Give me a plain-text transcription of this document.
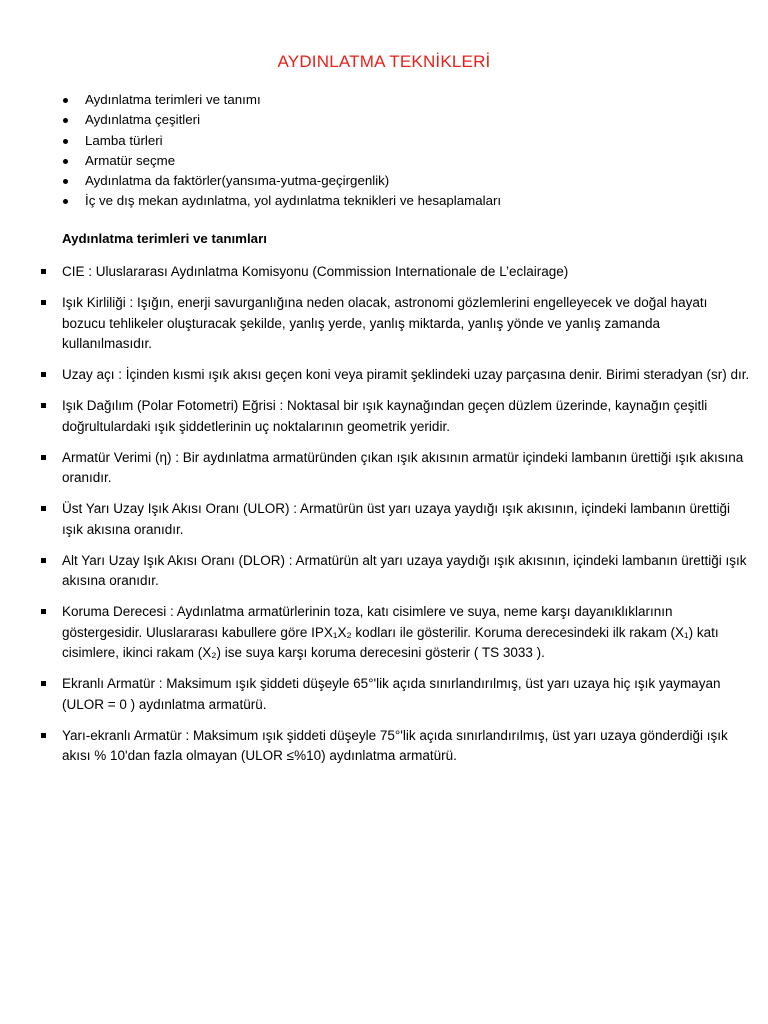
AYDINLATMA TEKNİKLERİ
Aydınlatma terimleri ve tanımı
Aydınlatma çeşitleri
Lamba türleri
Armatür seçme
Aydınlatma da faktörler(yansıma-yutma-geçirgenlik)
İç ve dış mekan aydınlatma, yol aydınlatma teknikleri ve hesaplamaları
Aydınlatma terimleri ve tanımları
CIE : Uluslararası Aydınlatma Komisyonu (Commission Internationale de L’eclairage)
Işık Kirliliği : Işığın, enerji savurganlığına neden olacak, astronomi gözlemlerini engelleyecek ve doğal hayatı bozucu tehlikeler oluşturacak şekilde, yanlış yerde, yanlış miktarda, yanlış yönde ve yanlış zamanda kullanılmasıdır.
Uzay açı : İçinden kısmi ışık akısı geçen koni veya piramit şeklindeki uzay parçasına denir. Birimi steradyan (sr) dır.
Işık Dağılım (Polar Fotometri) Eğrisi : Noktasal bir ışık kaynağından geçen düzlem üzerinde, kaynağın çeşitli doğrultulardaki ışık şiddetlerinin uç noktalarının geometrik yeridir.
Armatür Verimi (η) : Bir aydınlatma armatüründen çıkan ışık akısının armatür içindeki lambanın ürettiği ışık akısına oranıdır.
Üst Yarı Uzay Işık Akısı Oranı (ULOR) : Armatürün üst yarı uzaya yaydığı ışık akısının, içindeki lambanın ürettiği ışık akısına oranıdır.
Alt Yarı Uzay Işık Akısı Oranı (DLOR) : Armatürün alt yarı uzaya yaydığı ışık akısının, içindeki lambanın ürettiği ışık akısına oranıdır.
Koruma Derecesi : Aydınlatma armatürlerinin toza, katı cisimlere ve suya, neme karşı dayanıklıklarının göstergesidir. Uluslararası kabullere göre IPX₁X₂ kodları ile gösterilir. Koruma derecesindeki ilk rakam (X₁) katı cisimlere, ikinci rakam (X₂) ise suya karşı koruma derecesini gösterir ( TS 3033 ).
Ekranlı Armatür : Maksimum ışık şiddeti düşeyle 65°'lik açıda sınırlandırılmış, üst yarı uzaya hiç ışık yaymayan (ULOR = 0 ) aydınlatma armatürü.
Yarı-ekranlı Armatür : Maksimum ışık şiddeti düşeyle 75°'lik açıda sınırlandırılmış, üst yarı uzaya gönderdiği ışık akısı % 10'dan fazla olmayan (ULOR ≤%10) aydınlatma armatürü.
